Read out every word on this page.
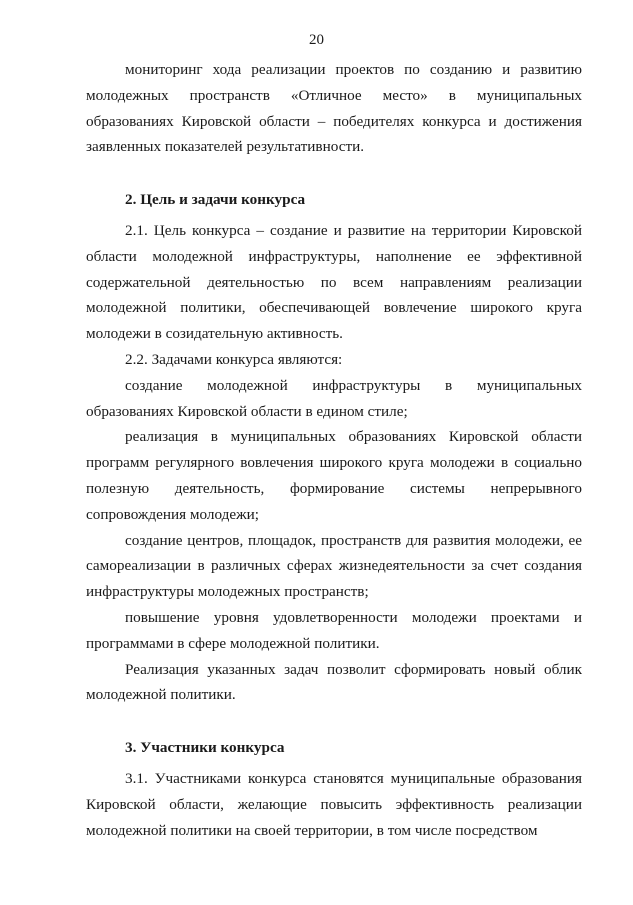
20

мониторинг хода реализации проектов по созданию и развитию молодежных пространств «Отличное место» в муниципальных образованиях Кировской области – победителях конкурса и достижения заявленных показателей результативности.

2. Цель и задачи конкурса

2.1. Цель конкурса – создание и развитие на территории Кировской области молодежной инфраструктуры, наполнение ее эффективной содержательной деятельностью по всем направлениям реализации молодежной политики, обеспечивающей вовлечение широкого круга молодежи в созидательную активность.

2.2. Задачами конкурса являются:

создание молодежной инфраструктуры в муниципальных образованиях Кировской области в едином стиле;

реализация в муниципальных образованиях Кировской области программ регулярного вовлечения широкого круга молодежи в социально полезную деятельность, формирование системы непрерывного сопровождения молодежи;

создание центров, площадок, пространств для развития молодежи, ее самореализации в различных сферах жизнедеятельности за счет создания инфраструктуры молодежных пространств;

повышение уровня удовлетворенности молодежи проектами и программами в сфере молодежной политики.

Реализация указанных задач позволит сформировать новый облик молодежной политики.

3. Участники конкурса

3.1. Участниками конкурса становятся муниципальные образования Кировской области, желающие повысить эффективность реализации молодежной политики на своей территории, в том числе посредством
